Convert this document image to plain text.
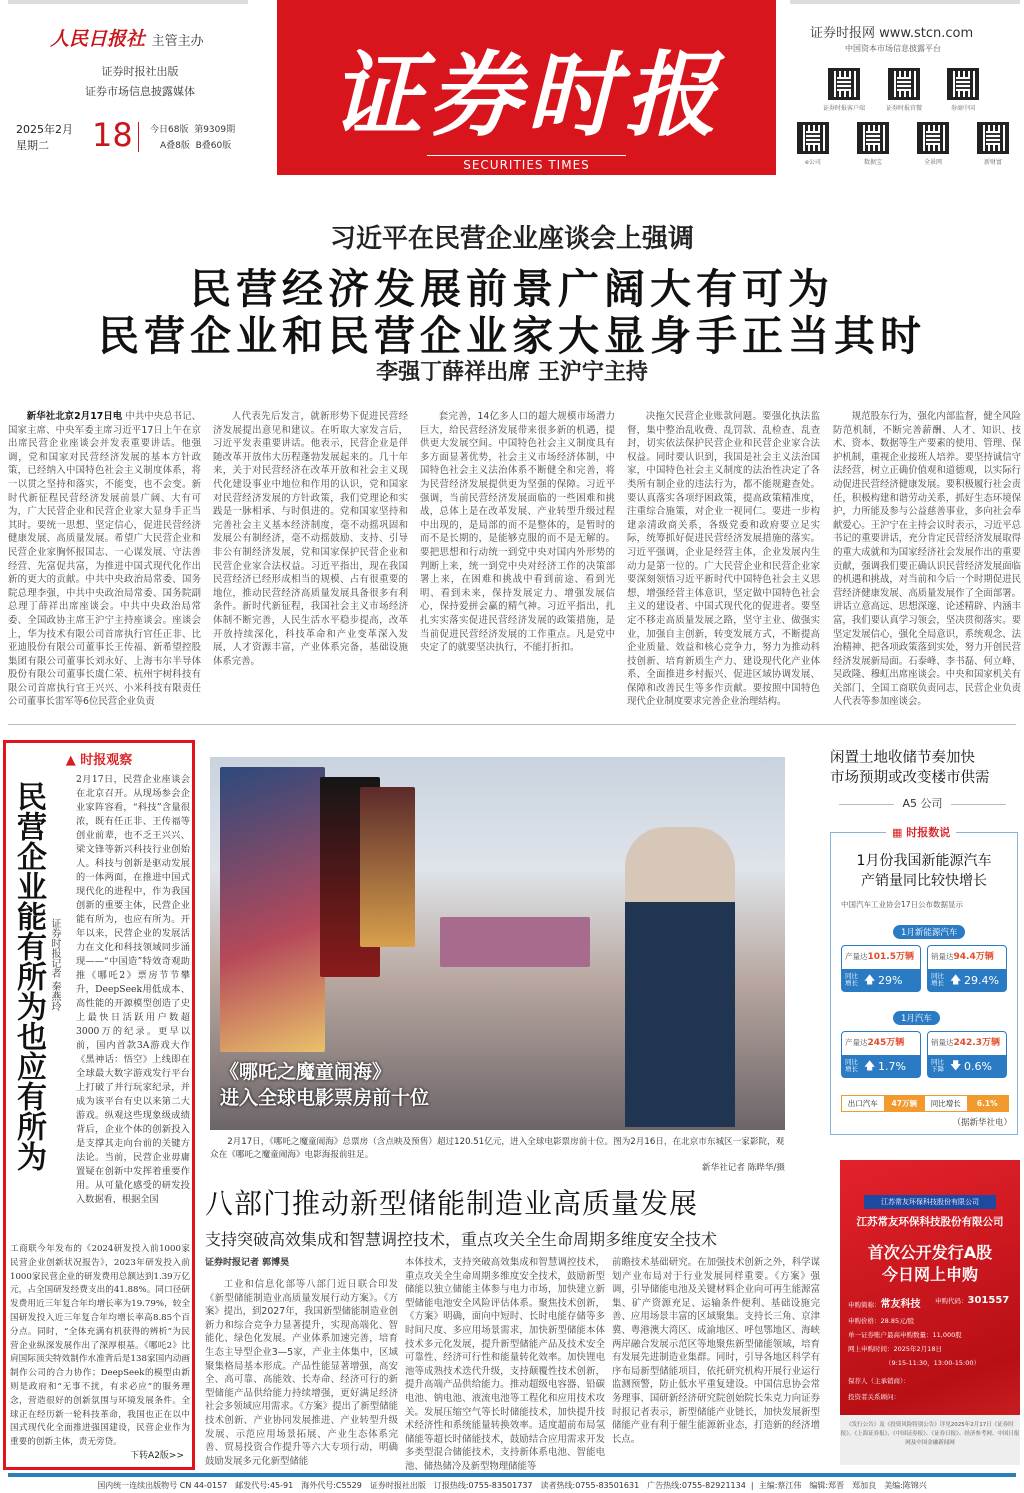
人民日报社 主管主办
证券时报社出版
证券市场信息披露媒体
2025年2月
星期二	18 今日68版 第9309期
A叠8版 B叠60版	证券时报
SECURITIES TIMES
证券时报网 www.stcn.com
中国资本市场信息披露平台
证券时报客户端	证券时报官微	券商中国
e公司	数据宝	全景网	新财富
习近平在民营企业座谈会上强调
民营经济发展前景广阔大有可为
民营企业和民营企业家大显身手正当其时
李强丁薛祥出席 王沪宁主持
新华社北京2月17日电 中共中央总书记、国家主席、中央军委主席习近平17日上午在京出席民营企业座谈会并发表重要讲话。他强调，党和国家对民营经济发展的基本方针政策，已经纳入中国特色社会主义制度体系，将一以贯之坚持和落实，不能变，也不会变。新时代新征程民营经济发展前景广阔、大有可为，广大民营企业和民营企业家大显身手正当其时。要统一思想、坚定信心，促进民营经济健康发展、高质量发展。希望广大民营企业和民营企业家胸怀报国志、一心谋发展、守法善经营、先富促共富，为推进中国式现代化作出新的更大的贡献。中共中央政治局常委、国务院总理李强，中共中央政治局常委、国务院副总理丁薛祥出席座谈会。中共中央政治局常委、全国政协主席王沪宁主持座谈会。座谈会上，华为技术有限公司首席执行官任正非、比亚迪股份有限公司董事长王传福、新希望控股集团有限公司董事长刘永好、上海韦尔半导体股份有限公司董事长虞仁荣、杭州宇树科技有限公司首席执行官王兴兴、小米科技有限责任公司董事长雷军等6位民营企业负责
人代表先后发言，就新形势下促进民营经济发展提出意见和建议。在听取大家发言后，习近平发表重要讲话。他表示，民营企业是伴随改革开放伟大历程蓬勃发展起来的。几十年来，关于对民营经济在改革开放和社会主义现代化建设事业中地位和作用的认识，党和国家对民营经济发展的方针政策，我们党理论和实践是一脉相承、与时俱进的。党和国家坚持和完善社会主义基本经济制度，毫不动摇巩固和发展公有制经济，毫不动摇鼓励、支持、引导非公有制经济发展，党和国家保护民营企业和民营企业家合法权益。习近平指出，现在我国民营经济已经形成相当的规模、占有很重要的地位，推动民营经济高质量发展具备很多有利条件。新时代新征程，我国社会主义市场经济体制不断完善，人民生活水平稳步提高，改革开放持续深化，科技革命和产业变革深入发展，人才资源丰富，产业体系完备，基础设施体系完善。
套完善，14亿多人口的超大规模市场潜力巨大，给民营经济发展带来很多新的机遇，提供更大发展空间。中国特色社会主义制度具有多方面显著优势，社会主义市场经济体制，中国特色社会主义法治体系不断健全和完善，将为民营经济发展提供更为坚强的保障。习近平强调，当前民营经济发展面临的一些困难和挑战，总体上是在改革发展、产业转型升级过程中出现的，是局部的而不是整体的，是暂时的而不是长期的，是能够克服的而不是无解的。要把思想和行动统一到党中央对国内外形势的判断上来，统一到党中央对经济工作的决策部署上来，在困难和挑战中看到前途、看到光明、看到未来，保持发展定力、增强发展信心，保持爱拼会赢的精气神。习近平指出，扎扎实实落实促进民营经济发展的政策措施，是当前促进民营经济发展的工作重点。凡是党中央定了的就要坚决执行，不能打折扣。
决拖欠民营企业账款问题。要强化执法监督，集中整治乱收费、乱罚款、乱检查、乱查封，切实依法保护民营企业和民营企业家合法权益。同时要认识到，我国是社会主义法治国家，中国特色社会主义制度的法治性决定了各类所有制企业的违法行为，都不能规避查处。要认真落实各项纾困政策，提高政策精准度，注重综合施策，对企业一视同仁。要进一步构建亲清政商关系，各级党委和政府要立足实际，统筹抓好促进民营经济发展措施的落实。习近平强调，企业是经营主体，企业发展内生动力是第一位的。广大民营企业和民营企业家要深刻领悟习近平新时代中国特色社会主义思想，增强经营主体意识，坚定做中国特色社会主义的建设者、中国式现代化的促进者。要坚定不移走高质量发展之路，坚守主业、做强实业，加强自主创新，转变发展方式，不断提高企业质量、效益和核心竞争力，努力为推动科技创新、培育新质生产力、建设现代化产业体系、全面推进乡村振兴、促进区域协调发展、保障和改善民生等多作贡献。要按照中国特色现代企业制度要求完善企业治理结构。
规范股东行为，强化内部监督，健全风险防范机制，不断完善薪酬、人才、知识、技术、资本、数据等生产要素的使用、管理、保护机制，重视企业接班人培养。要坚持诚信守法经营，树立正确价值观和道德观，以实际行动促进民营经济健康发展。要积极履行社会责任，积极构建和谐劳动关系，抓好生态环境保护，力所能及参与公益慈善事业，多向社会奉献爱心。王沪宁在主持会议时表示，习近平总书记的重要讲话，充分肯定民营经济发展取得的重大成就和为国家经济社会发展作出的重要贡献，强调我们要正确认识民营经济发展面临的机遇和挑战，对当前和今后一个时期促进民营经济健康发展、高质量发展作了全面部署。讲话立意高远、思想深邃、论述精辟、内涵丰富，我们要认真学习领会，坚决贯彻落实。要坚定发展信心，强化全局意识，系统观念、法治精神、把各项政策落到实处，努力开创民营经济发展新局面。石泰峰、李书磊、何立峰、吴政隆、穆虹出席座谈会。中央和国家机关有关部门、全国工商联负责同志，民营企业负责人代表等参加座谈会。
▲ 时报观察
民营企业能有所为也应有所为 证券时报记者 秦燕玲
2月17日，民营企业座谈会在北京召开。从现场参会企业家阵容看，“科技”含量很浓，既有任正非、王传福等创业前辈，也不乏王兴兴、梁文锋等新兴科技行业创始人。科技与创新是驱动发展的一体两面，在推进中国式现代化的进程中，作为我国创新的重要主体，民营企业能有所为，也应有所为。开年以来，民营企业的发展活力在文化和科技领域同步涌现——“中国造”特效奇观助推《哪吒2》票房节节攀升，DeepSeek用低成本、高性能的开源模型创造了史上最快日活跃用户数超3000万的纪录。更早以前，国内首款3A游戏大作《黑神话：悟空》上线即在全球最大数字游戏发行平台上打破了并行玩家纪录，并成为该平台有史以来第二大游戏。纵观这些现象级成绩背后，企业个体的创新投入是支撑其走向台前的关键方法论。当前，民营企业毋庸置疑在创新中发挥着重要作用。从可量化感受的研发投入数据看，根据全国
工商联今年发布的《2024研发投入前1000家民营企业创新状况报告》，2023年研发投入前1000家民营企业的研发费用总额达到1.39万亿元，占全国研发经费支出的41.88%。同口径研发费用近三年复合年均增长率为19.79%，较全国研发投入近三年复合年均增长率高8.85个百分点。同时，“全体充满有机获得的辨析”为民营企业纵深发展作出了深厚根基。《哪吒2》比肩国际顶尖特效制作水准背后是138家国内动画制作公司的合力协作；DeepSeek的模型由新则是政府和“无事不扰，有求必应”的服务理念，营造很好的创新氛围与环境发展条件。全球正在经历新一轮科技革命，我国也正在以中国式现代化全面推进强国建设，民营企业作为重要的创新主体，责无旁贷。
下转A2版>>
《哪吒之魔童闹海》
进入全球电影票房前十位
2月17日，《哪吒之魔童闹海》总票房（含点映及预售）超过120.51亿元，进入全球电影票房前十位。图为2月16日，在北京市东城区一家影院，观众在《哪吒之魔童闹海》电影海报前驻足。
新华社记者 陈晔华/摄
闲置土地收储节奏加快
市场预期或改变楼市供需
A5 公司
▦ 时报数说
1月份我国新能源汽车
产销量同比较快增长
中国汽车工业协会17日公布数据显示
1月新能源汽车
产量达101.5万辆
同比增长 🡅 29%
销量达94.4万辆
同比增长 🡅 29.4%
1月汽车
产量达245万辆
同比增长 🡅 1.7%
销量达242.3万辆
同比下降 🡇 0.6%
出口汽车	47万辆	同比增长	6.1%
（据新华社电）
八部门推动新型储能制造业高质量发展
支持突破高效集成和智慧调控技术，重点攻关全生命周期多维度安全技术
证券时报记者 郭博昊
工业和信息化部等八部门近日联合印发《新型储能制造业高质量发展行动方案》。《方案》提出，到2027年，我国新型储能制造业创新力和综合竞争力显著提升，实现高端化、智能化、绿色化发展。产业体系加速完善，培育生态主导型企业3—5家，产业主体集中，区域聚集格局基本形成。产品性能显著增强，高安全、高可靠、高能效、长寿命、经济可行的新型储能产品供给能力持续增强，更好满足经济社会多领域应用需求。《方案》提出了新型储能技术创新、产业协同发展推进、产业转型升级发展、示范应用场景拓展、产业生态体系完善、贸易投资合作提升等六大专项行动，明确鼓励发展多元化新型储能
本体技术，支持突破高效集成和智慧调控技术，重点攻关全生命周期多维度安全技术，鼓励新型储能以独立储能主体参与电力市场，加快建立新型储能电池安全风险评估体系。聚焦技术创新，《方案》明确，面向中短时、长时电能存储等多时间尺度、多应用场景需求，加快新型储能本体技术多元化发展，提升新型储能产品及技术安全可靠性、经济可行性和能量转化效率。加快锂电池等成熟技术迭代升级，支持颠覆性技术创新，提升高端产品供给能力。推动超级电容器、铅碳电池、钠电池、液流电池等工程化和应用技术攻关。发展压缩空气等长时储能技术，加快提升技术经济性和系统能量转换效率。适度超前布局氢储能等超长时储能技术，鼓励结合应用需求开发多类型混合储能技术，支持新体系电池、智能电池、储热储冷及新型物理储能等
前瞻技术基础研究。在加强技术创新之外，科学谋划产业布局对于行业发展同样重要。《方案》强调，引导储能电池及关键材料企业向可再生能源富集、矿产资源充足、运输条件便利、基础设施完善、应用场景丰富的区域聚集。支持长三角、京津冀、粤港澳大湾区、成渝地区、呼包鄂地区、海峡两岸融合发展示范区等地聚焦新型储能领域，培育有发展先进制造业集群。同时，引导各地区科学有序布局新型储能项目，依托研究机构开展行业运行监测预警，防止低水平重复建设。中国信息协会常务理事、国研新经济研究院创始院长朱克力向证券时报记者表示，新型储能产业链长，加快发展新型储能产业有利于催生能源新业态，打造新的经济增长点。
江苏常友环保科技股份有限公司
江苏常友环保科技股份有限公司
首次公开发行A股
今日网上申购
申购简称：常友科技 申购代码：301557
申购价格：28.85元/股
单一证券账户最高申购数量：11,000股
网上申购时间：2025年2月18日
（9:15-11:30，13:00-15:00）
保荐人（主承销商）：
投资者关系顾问：
《发行公告》及《投资风险特别公告》详见2025年2月17日《证券时报》、《上海证券报》、《中国证券报》、《证券日报》、经济参考网、中国日报网及中国金融新闻网
国内统一连续出版物号 CN 44-0157　邮发代号:45-91　海外代号:C5529　证券时报社出版　订报热线:0755-83501737　读者热线:0755-83501631　广告热线:0755-82921134  |  主编:蔡江伟　编辑:郑晋　郑加良　美编:陈锦兴
